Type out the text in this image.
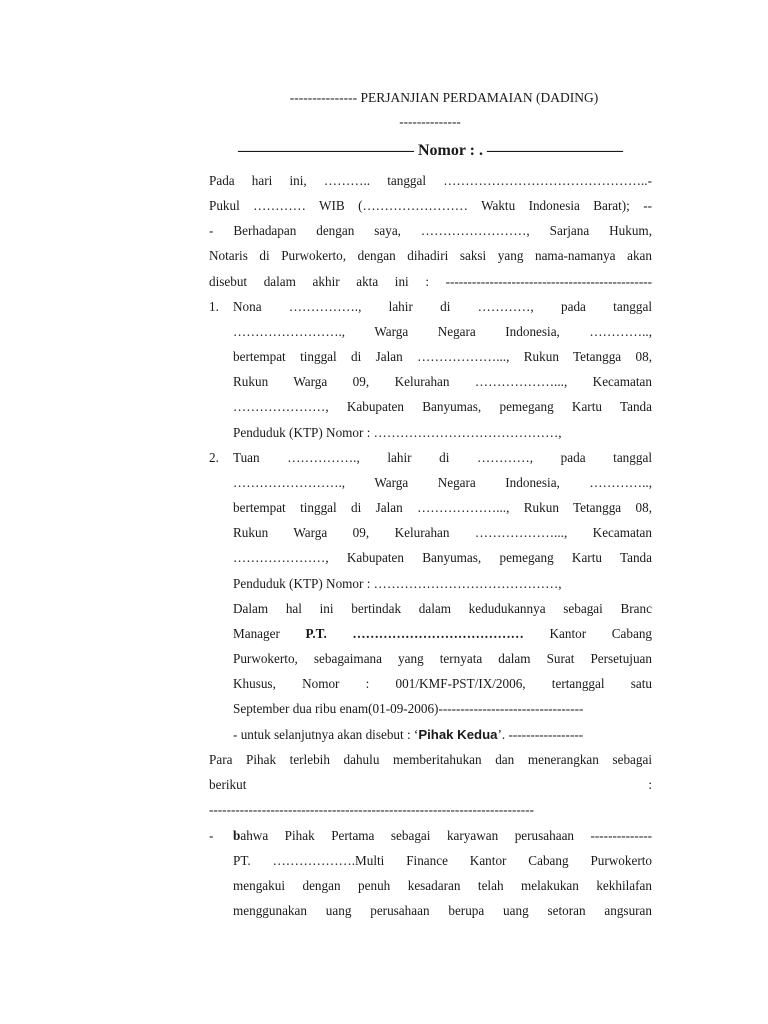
--------------- PERJANJIAN PERDAMAIAN (DADING)
--------------
–––––––––––––––––––––– Nomor : . –––––––––––––––––
Pada hari ini, ……….. tanggal ………………………………………..-
Pukul ………… WIB (…………………… Waktu Indonesia Barat); --
- Berhadapan dengan saya, ……………………, Sarjana Hukum,
Notaris di Purwokerto, dengan dihadiri saksi yang nama-namanya akan
disebut dalam akhir akta ini : -----------------------------------------------
1. Nona ……………., lahir di …………, pada tanggal
……………………., Warga Negara Indonesia, …………..,
bertempat tinggal di Jalan ………………..., Rukun Tetangga 08,
Rukun Warga 09, Kelurahan ………………..., Kecamatan
…………………, Kabupaten Banyumas, pemegang Kartu Tanda
Penduduk (KTP) Nomor : ……………………………………,
2. Tuan ……………., lahir di …………, pada tanggal
……………………., Warga Negara Indonesia, …………..,
bertempat tinggal di Jalan ………………..., Rukun Tetangga 08,
Rukun Warga 09, Kelurahan ………………..., Kecamatan
…………………, Kabupaten Banyumas, pemegang Kartu Tanda
Penduduk (KTP) Nomor : ……………………………………,
Dalam hal ini bertindak dalam kedudukannya sebagai Branc
Manager P.T. ………………………………… Kantor Cabang
Purwokerto, sebagaimana yang ternyata dalam Surat Persetujuan
Khusus, Nomor : 001/KMF-PST/IX/2006, tertanggal satu
September dua ribu enam(01-09-2006)---------------------------------
- untuk selanjutnya akan disebut : ‘Pihak Kedua’. -----------------
Para Pihak terlebih dahulu memberitahukan dan menerangkan sebagai
berikut	:
--------------------------------------------------------------------------
- bahwa Pihak Pertama sebagai karyawan perusahaan --------------
PT. ……………….Multi Finance Kantor Cabang Purwokerto
mengakui dengan penuh kesadaran telah melakukan kekhilafan
menggunakan uang perusahaan berupa uang setoran angsuran
